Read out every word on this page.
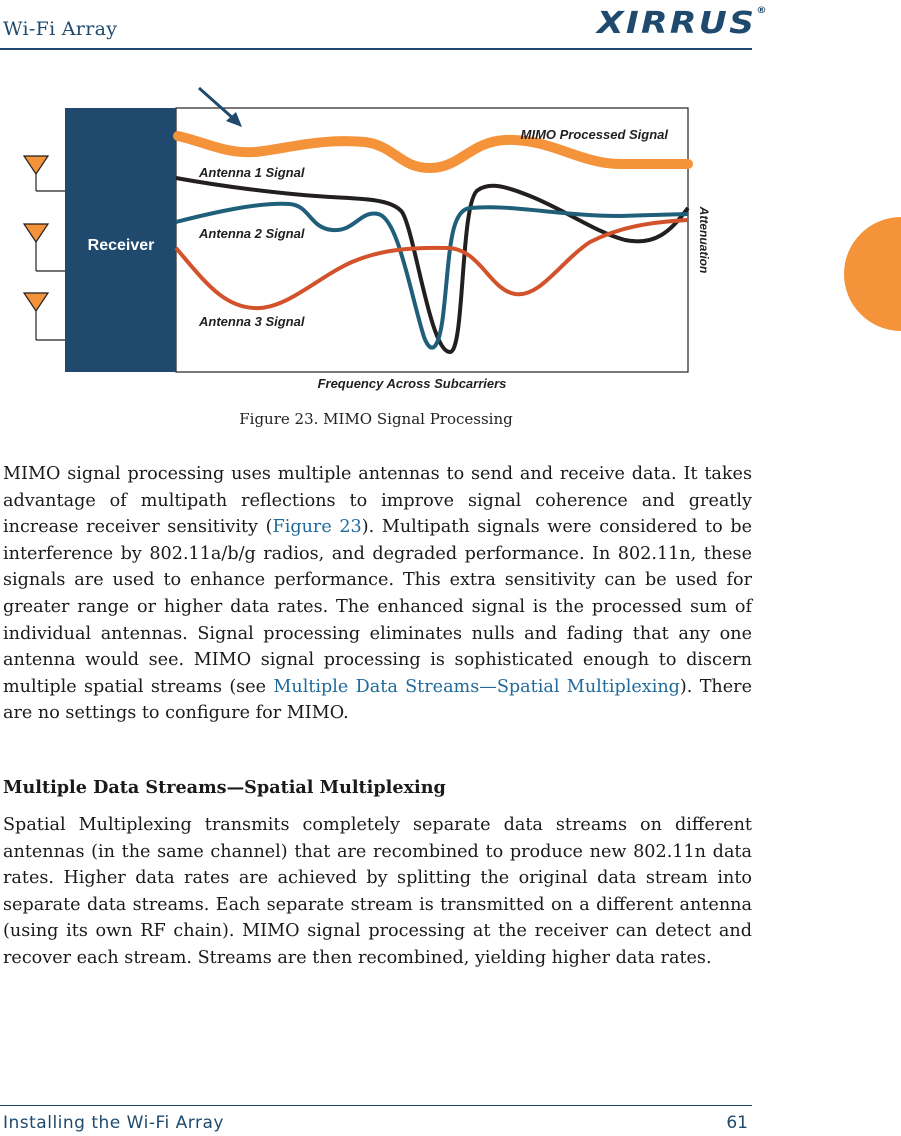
Wi-Fi Array	XIRRUS®
Receiver
MIMO Processed Signal
Antenna 1 Signal
Antenna 2 Signal
Antenna 3 Signal
Attenuation
Frequency Across Subcarriers
Figure 23. MIMO Signal Processing
MIMO signal processing uses multiple antennas to send and receive data. It takes advantage of multipath reflections to improve signal coherence and greatly increase receiver sensitivity (Figure 23). Multipath signals were considered to be interference by 802.11a/b/g radios, and degraded performance. In 802.11n, these signals are used to enhance performance. This extra sensitivity can be used for greater range or higher data rates. The enhanced signal is the processed sum of individual antennas. Signal processing eliminates nulls and fading that any one antenna would see. MIMO signal processing is sophisticated enough to discern multiple spatial streams (see Multiple Data Streams—Spatial Multiplexing). There are no settings to configure for MIMO.
Multiple Data Streams—Spatial Multiplexing
Spatial Multiplexing transmits completely separate data streams on different antennas (in the same channel) that are recombined to produce new 802.11n data rates. Higher data rates are achieved by splitting the original data stream into separate data streams. Each separate stream is transmitted on a different antenna (using its own RF chain). MIMO signal processing at the receiver can detect and recover each stream. Streams are then recombined, yielding higher data rates.
Installing the Wi-Fi Array	61
